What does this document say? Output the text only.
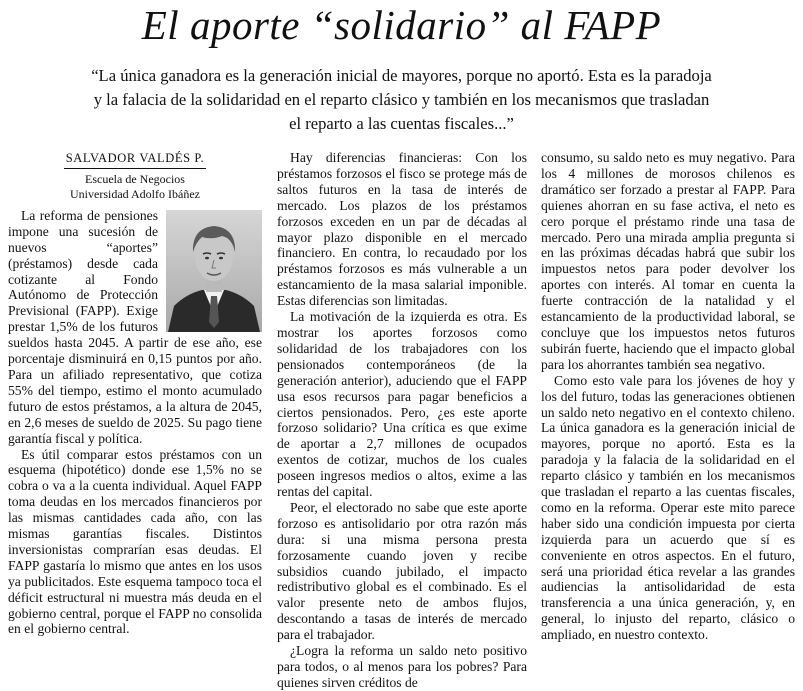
El aporte “solidario” al FAPP
“La única ganadora es la generación inicial de mayores, porque no aportó. Esta es la paradoja
y la falacia de la solidaridad en el reparto clásico y también en los mecanismos que trasladan
el reparto a las cuentas fiscales...”
SALVADOR VALDÉS P.
Escuela de Negocios
Universidad Adolfo Ibáñez

La reforma de pensiones impone una sucesión de nuevos “aportes” (préstamos) desde cada cotizante al Fondo Autónomo de Protección Previsional (FAPP). Exige prestar 1,5% de los futuros sueldos hasta 2045. A partir de ese año, ese porcentaje disminuirá en 0,15 puntos por año. Para un afiliado representativo, que cotiza 55% del tiempo, estimo el monto acumulado futuro de estos préstamos, a la altura de 2045, en 2,6 meses de sueldo de 2025. Su pago tiene garantía fiscal y política.

Es útil comparar estos préstamos con un esquema (hipotético) donde ese 1,5% no se cobra o va a la cuenta individual. Aquel FAPP toma deudas en los mercados financieros por las mismas cantidades cada año, con las mismas garantías fiscales. Distintos inversionistas comprarían esas deudas. El FAPP gastaría lo mismo que antes en los usos ya publicitados. Este esquema tampoco toca el déficit estructural ni muestra más deuda en el gobierno central, porque el FAPP no consolida en el gobierno central.

Hay diferencias financieras: Con los préstamos forzosos el fisco se protege más de saltos futuros en la tasa de interés de mercado. Los plazos de los préstamos forzosos exceden en un par de décadas al mayor plazo disponible en el mercado financiero. En contra, lo recaudado por los préstamos forzosos es más vulnerable a un estancamiento de la masa salarial imponible. Estas diferencias son limitadas.

La motivación de la izquierda es otra. Es mostrar los aportes forzosos como solidaridad de los trabajadores con los pensionados contemporáneos (de la generación anterior), aduciendo que el FAPP usa esos recursos para pagar beneficios a ciertos pensionados. Pero, ¿es este aporte forzoso solidario? Una crítica es que exime de aportar a 2,7 millones de ocupados exentos de cotizar, muchos de los cuales poseen ingresos medios o altos, exime a las rentas del capital.

Peor, el electorado no sabe que este aporte forzoso es antisolidario por otra razón más dura: si una misma persona presta forzosamente cuando joven y recibe subsidios cuando jubilado, el impacto redistributivo global es el combinado. Es el valor presente neto de ambos flujos, descontando a tasas de interés de mercado para el trabajador.

¿Logra la reforma un saldo neto positivo para todos, o al menos para los pobres? Para quienes sirven créditos de

consumo, su saldo neto es muy negativo. Para los 4 millones de morosos chilenos es dramático ser forzado a prestar al FAPP. Para quienes ahorran en su fase activa, el neto es cero porque el préstamo rinde una tasa de mercado. Pero una mirada amplia pregunta si en las próximas décadas habrá que subir los impuestos netos para poder devolver los aportes con interés. Al tomar en cuenta la fuerte contracción de la natalidad y el estancamiento de la productividad laboral, se concluye que los impuestos netos futuros subirán fuerte, haciendo que el impacto global para los ahorrantes también sea negativo.

Como esto vale para los jóvenes de hoy y los del futuro, todas las generaciones obtienen un saldo neto negativo en el contexto chileno. La única ganadora es la generación inicial de mayores, porque no aportó. Esta es la paradoja y la falacia de la solidaridad en el reparto clásico y también en los mecanismos que trasladan el reparto a las cuentas fiscales, como en la reforma. Operar este mito parece haber sido una condición impuesta por cierta izquierda para un acuerdo que sí es conveniente en otros aspectos. En el futuro, será una prioridad ética revelar a las grandes audiencias la antisolidaridad de esta transferencia a una única generación, y, en general, lo injusto del reparto, clásico o ampliado, en nuestro contexto.
